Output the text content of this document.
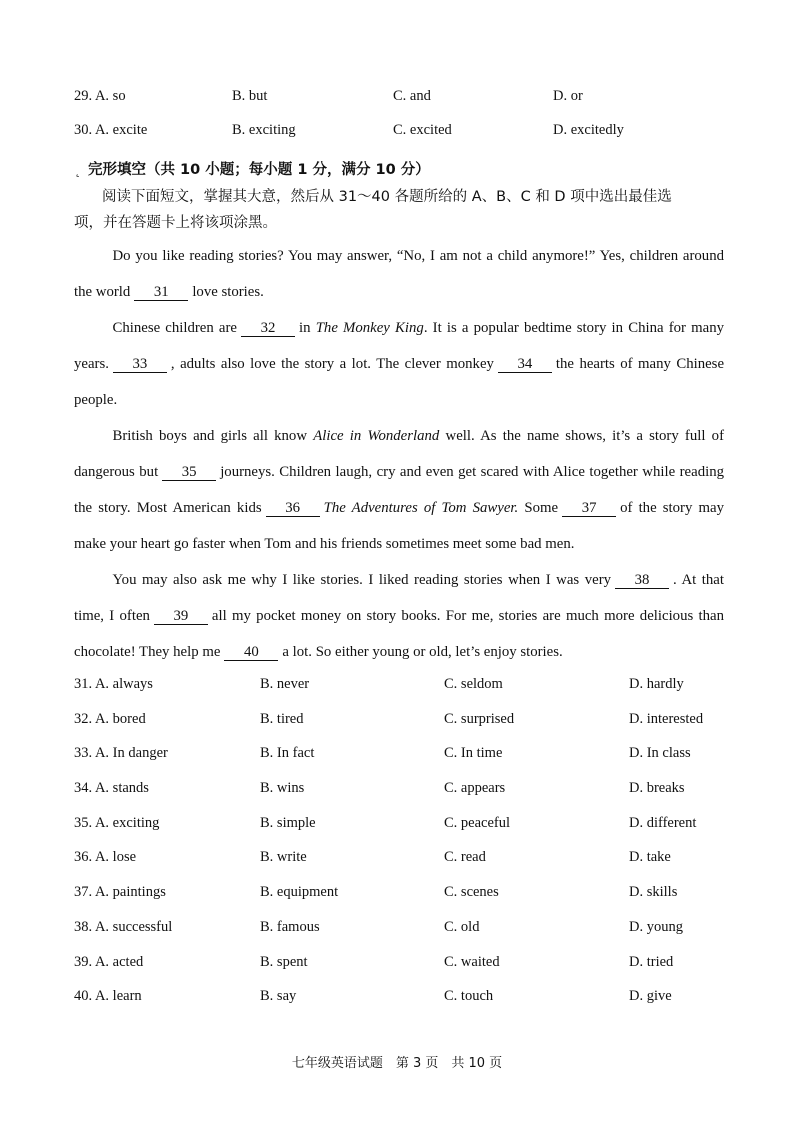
29. A. so	B. but	C. and	D. or
30. A. excite	B. exciting	C. excited	D. excitedly
˛ 完形填空（共 10 小题；每小题 1 分，满分 10 分）
阅读下面短文，掌握其大意，然后从 31～40 各题所给的 A、B、C 和 D 项中选出最佳选
项，并在答题卡上将该项涂黑。

Do you like reading stories? You may answer, “No, I am not a child anymore!” Yes, children around the world 31 love stories.

Chinese children are 32 in The Monkey King. It is a popular bedtime story in China for many years. 33 , adults also love the story a lot. The clever monkey 34 the hearts of many Chinese people.

British boys and girls all know Alice in Wonderland well. As the name shows, it’s a story full of dangerous but 35 journeys. Children laugh, cry and even get scared with Alice together while reading the story. Most American kids 36 The Adventures of Tom Sawyer. Some 37 of the story may make your heart go faster when Tom and his friends sometimes meet some bad men.

You may also ask me why I like stories. I liked reading stories when I was very 38 . At that time, I often 39 all my pocket money on story books. For me, stories are much more delicious than chocolate! They help me 40 a lot. So either young or old, let’s enjoy stories.

31. A. always	B. never	C. seldom	D. hardly
32. A. bored	B. tired	C. surprised	D. interested
33. A. In danger	B. In fact	C. In time	D. In class
34. A. stands	B. wins	C. appears	D. breaks
35. A. exciting	B. simple	C. peaceful	D. different
36. A. lose	B. write	C. read	D. take
37. A. paintings	B. equipment	C. scenes	D. skills
38. A. successful	B. famous	C. old	D. young
39. A. acted	B. spent	C. waited	D. tried
40. A. learn	B. say	C. touch	D. give
七年级英语试题　第 3 页　共 10 页
